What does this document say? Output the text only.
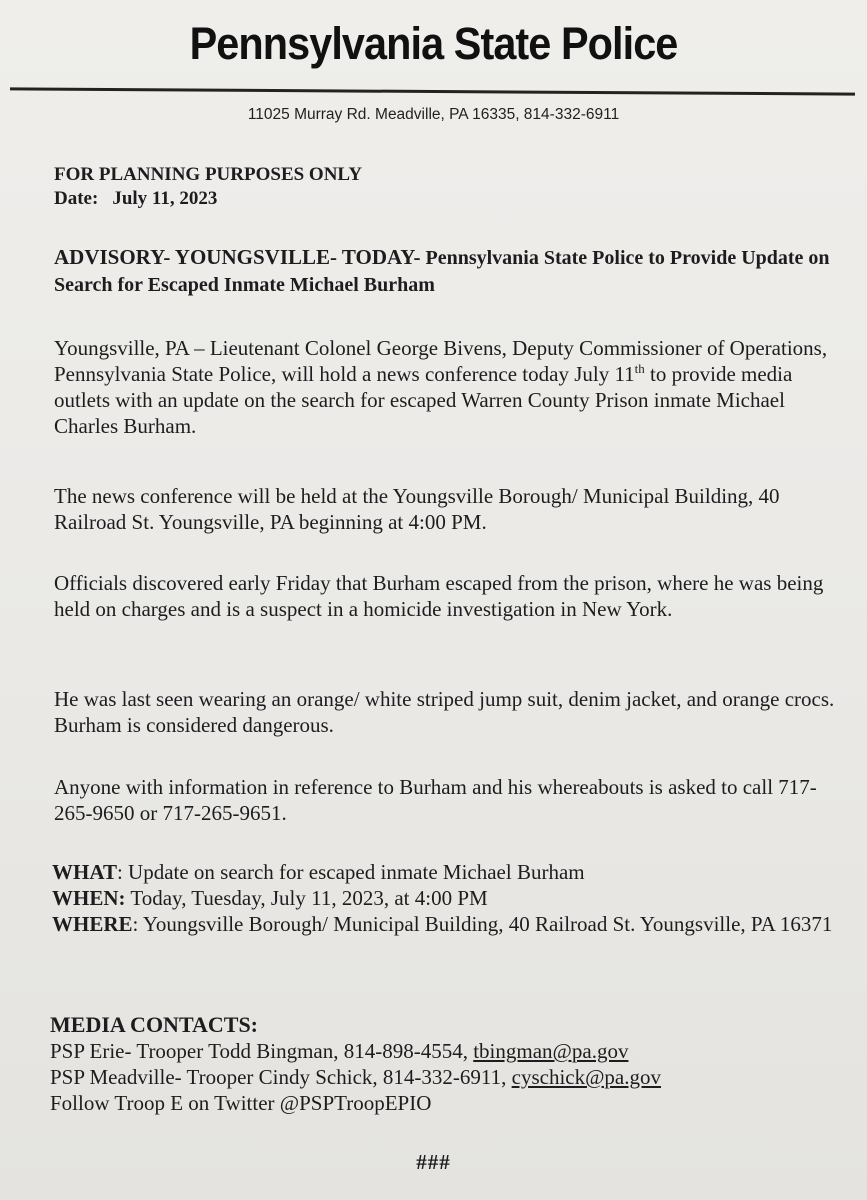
Pennsylvania State Police
11025 Murray Rd. Meadville, PA 16335, 814-332-6911
FOR PLANNING PURPOSES ONLY
Date: July 11, 2023
ADVISORY- YOUNGSVILLE- TODAY- Pennsylvania State Police to Provide Update on Search for Escaped Inmate Michael Burham
Youngsville, PA – Lieutenant Colonel George Bivens, Deputy Commissioner of Operations, Pennsylvania State Police, will hold a news conference today July 11th to provide media outlets with an update on the search for escaped Warren County Prison inmate Michael Charles Burham.
The news conference will be held at the Youngsville Borough/ Municipal Building, 40 Railroad St. Youngsville, PA beginning at 4:00 PM.
Officials discovered early Friday that Burham escaped from the prison, where he was being held on charges and is a suspect in a homicide investigation in New York.
He was last seen wearing an orange/ white striped jump suit, denim jacket, and orange crocs. Burham is considered dangerous.
Anyone with information in reference to Burham and his whereabouts is asked to call 717-265-9650 or 717-265-9651.
WHAT: Update on search for escaped inmate Michael Burham
WHEN: Today, Tuesday, July 11, 2023, at 4:00 PM
WHERE: Youngsville Borough/ Municipal Building, 40 Railroad St. Youngsville, PA 16371
MEDIA CONTACTS:
PSP Erie- Trooper Todd Bingman, 814-898-4554, tbingman@pa.gov
PSP Meadville- Trooper Cindy Schick, 814-332-6911, cyschick@pa.gov
Follow Troop E on Twitter @PSPTroopEPIO
###
